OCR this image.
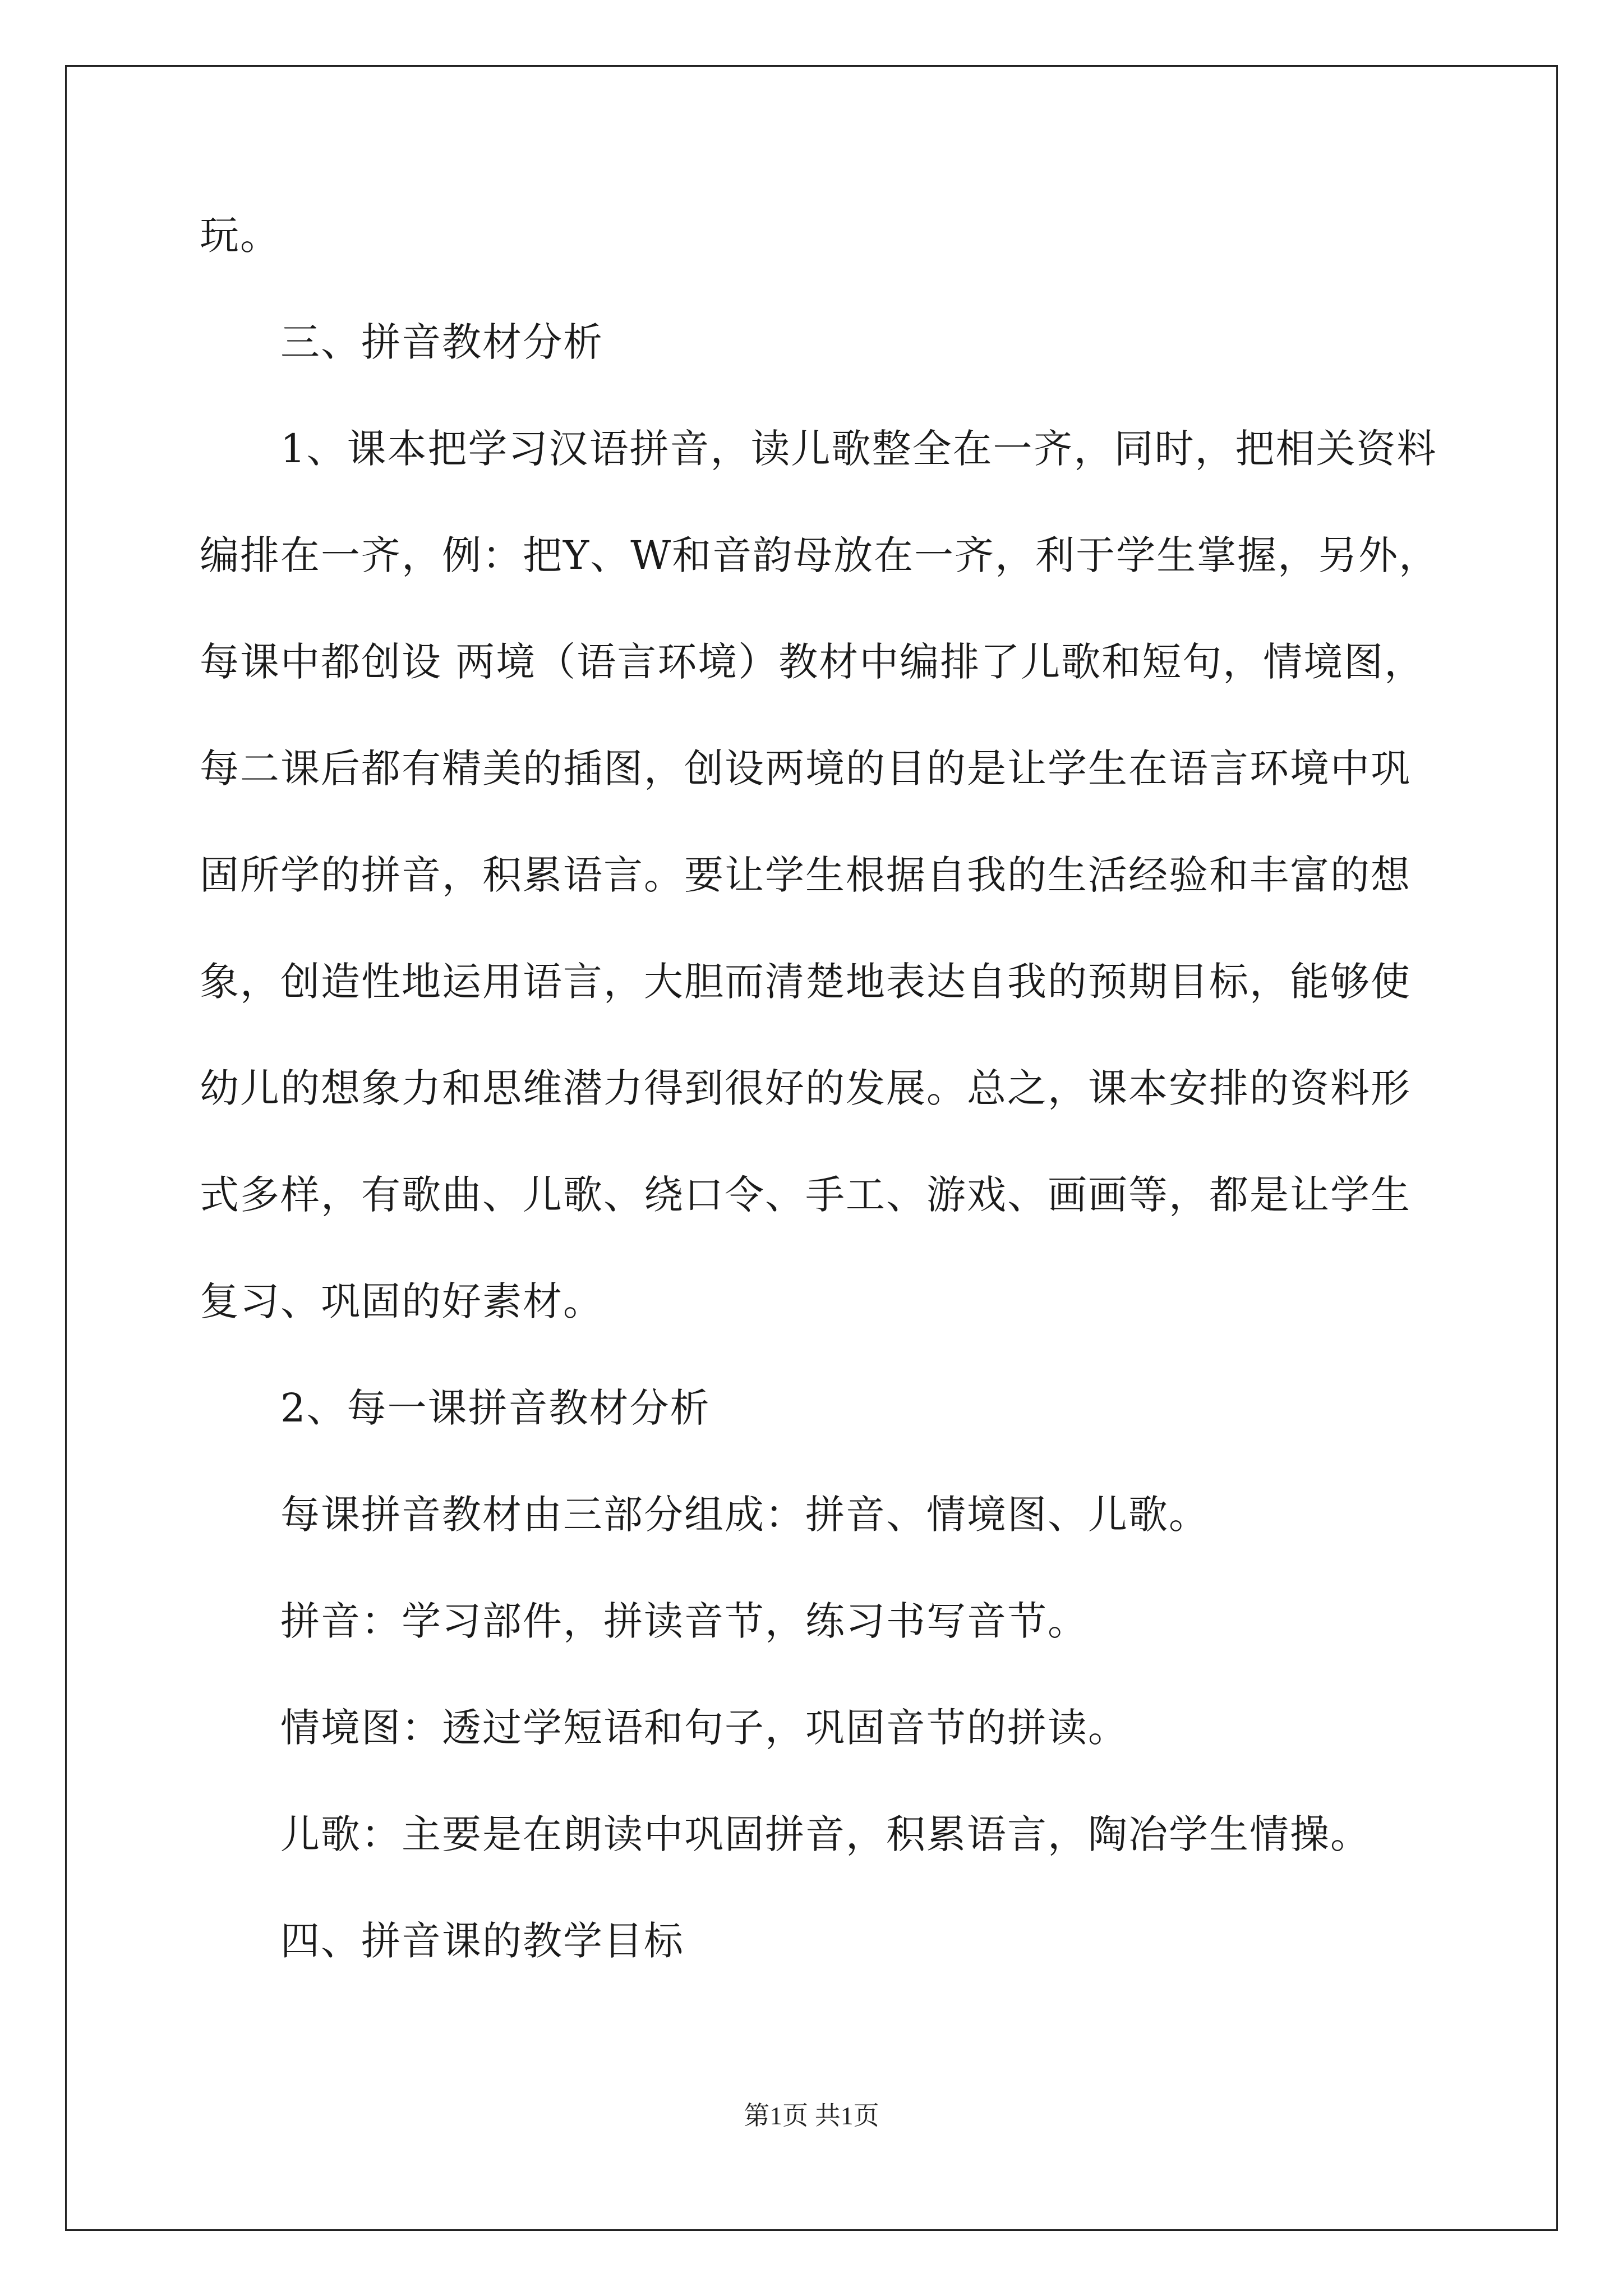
玩。
三、拼音教材分析
1、课本把学习汉语拼音，读儿歌整全在一齐，同时，把相关资料
编排在一齐，例：把Y、W和音韵母放在一齐，利于学生掌握，另外，
每课中都创设 两境（语言环境）教材中编排了儿歌和短句，情境图，
每二课后都有精美的插图，创设两境的目的是让学生在语言环境中巩
固所学的拼音，积累语言。要让学生根据自我的生活经验和丰富的想
象，创造性地运用语言，大胆而清楚地表达自我的预期目标，能够使
幼儿的想象力和思维潜力得到很好的发展。总之，课本安排的资料形
式多样，有歌曲、儿歌、绕口令、手工、游戏、画画等，都是让学生
复习、巩固的好素材。
2、每一课拼音教材分析
每课拼音教材由三部分组成：拼音、情境图、儿歌。
拼音：学习部件，拼读音节，练习书写音节。
情境图：透过学短语和句子，巩固音节的拼读。
儿歌：主要是在朗读中巩固拼音，积累语言，陶冶学生情操。
四、拼音课的教学目标
第1页 共1页
